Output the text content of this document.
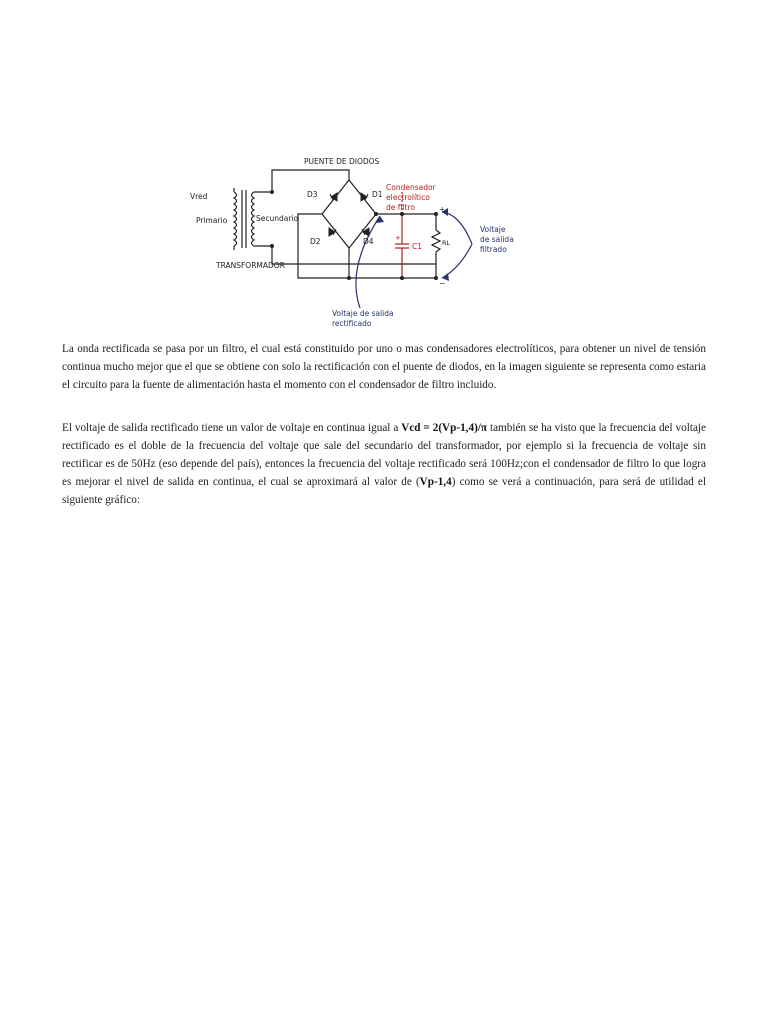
PUENTE DE DIODOS
Vred
Primario	Secundario
TRANSFORMADOR
D3	D1
D2	D4
Condensador
electrolítico
de filtro
C1
+
RL
+
−
Voltaje
de salida
filtrado
Voltaje de salida
rectificado

La onda rectificada se pasa por un filtro, el cual está constituido por uno o mas condensadores electrolíticos, para obtener un nivel de tensión continua mucho mejor que el que se obtiene con solo la rectificación con el puente de diodos, en la imagen siguiente se representa como estaria el circuito para la fuente de alimentación hasta el momento con el condensador de filtro incluido.

El voltaje de salida rectificado tiene un valor de voltaje en continua igual a Vcd = 2(Vp-1,4)/π también se ha visto que la frecuencia del voltaje rectificado es el doble de la frecuencia del voltaje que sale del secundario del transformador, por ejemplo si la frecuencia de voltaje sin rectificar es de 50Hz (eso depende del país), entonces la frecuencia del voltaje rectificado será 100Hz;con el condensador de filtro lo que logra es mejorar el nivel de salida en continua, el cual se aproximará al valor de (Vp-1,4) como se verá a continuación, para será de utilidad el siguiente gráfico:
